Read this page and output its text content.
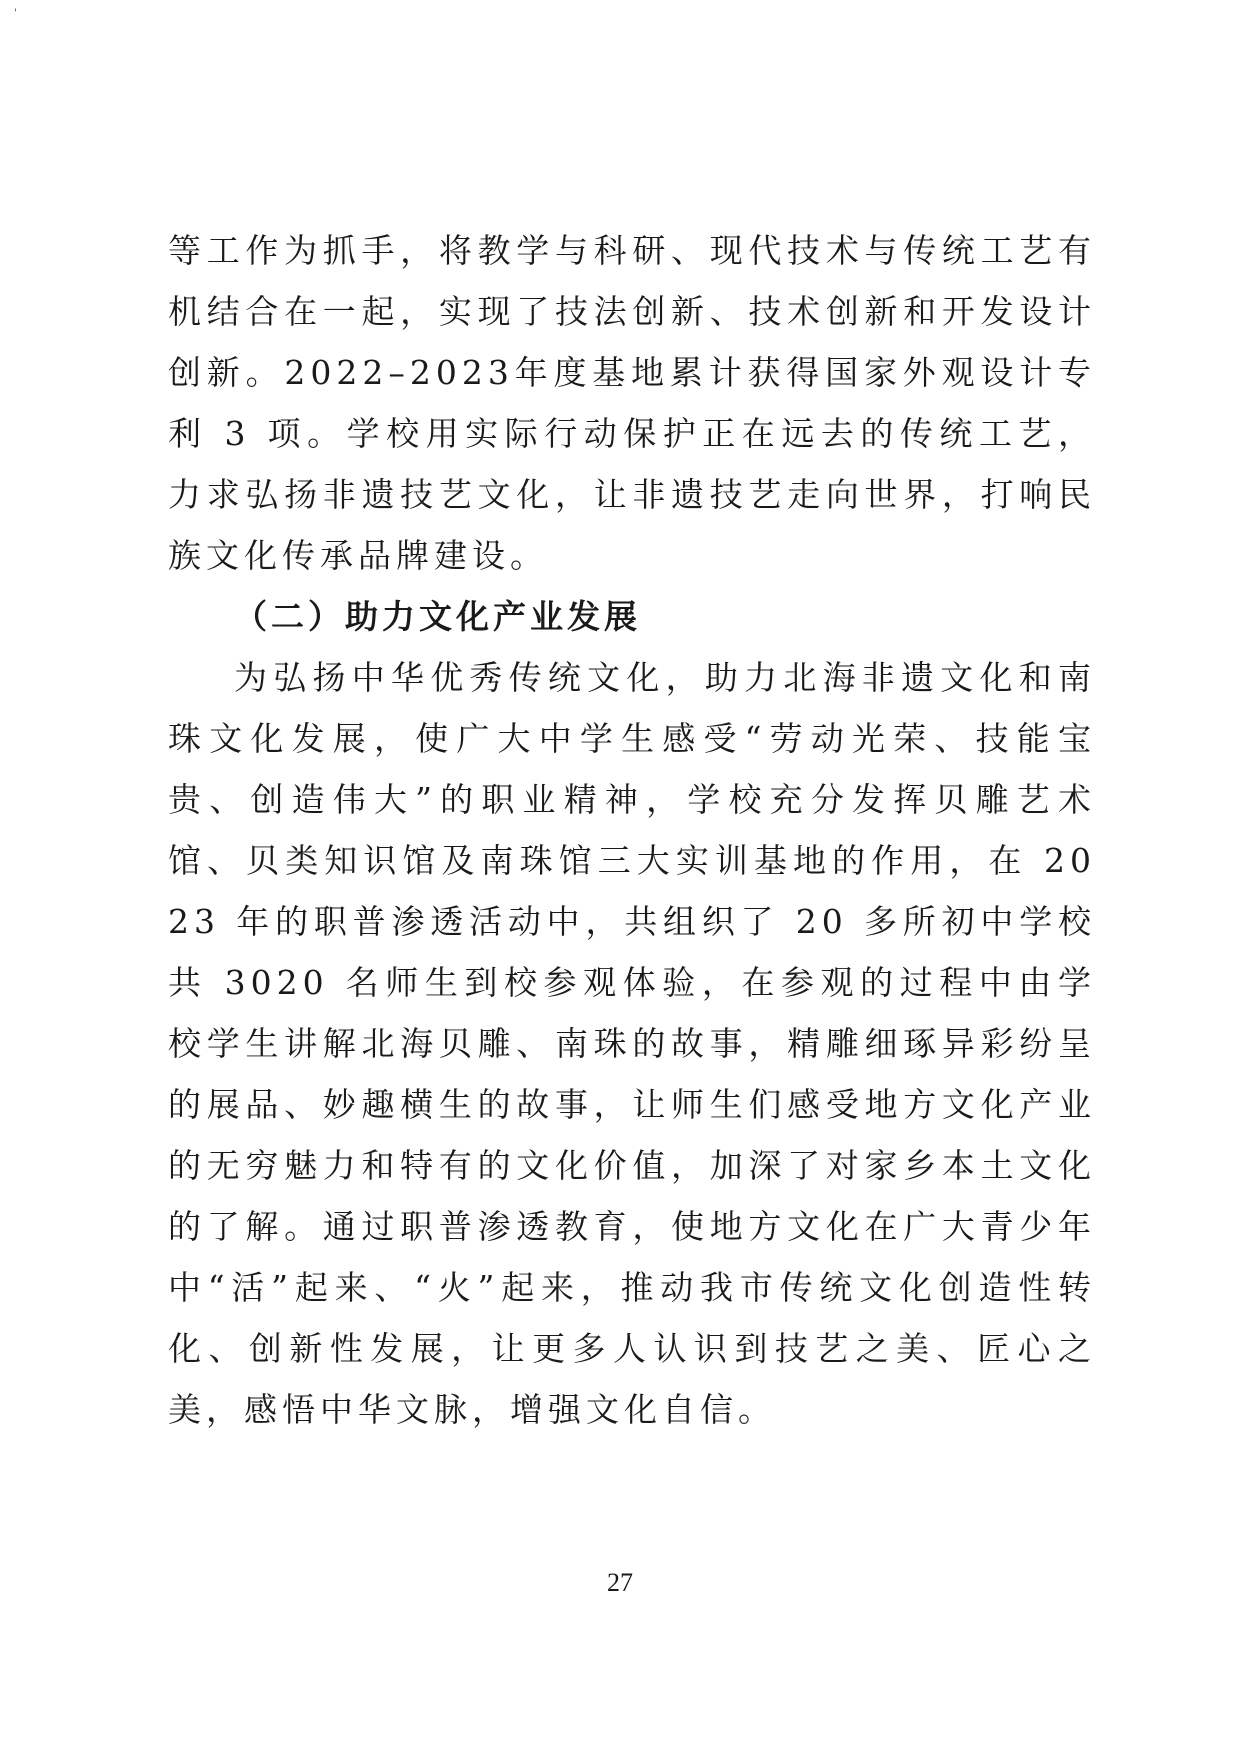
'

等工作为抓手，将教学与科研、现代技术与传统工艺有机结合在一起，实现了技法创新、技术创新和开发设计创新。2022–2023年度基地累计获得国家外观设计专利 3 项。学校用实际行动保护正在远去的传统工艺，力求弘扬非遗技艺文化，让非遗技艺走向世界，打响民族文化传承品牌建设。

（二）助力文化产业发展

为弘扬中华优秀传统文化，助力北海非遗文化和南珠文化发展，使广大中学生感受“劳动光荣、技能宝贵、创造伟大”的职业精神，学校充分发挥贝雕艺术馆、贝类知识馆及南珠馆三大实训基地的作用，在 2023 年的职普渗透活动中，共组织了 20 多所初中学校共 3020 名师生到校参观体验，在参观的过程中由学校学生讲解北海贝雕、南珠的故事，精雕细琢异彩纷呈的展品、妙趣横生的故事，让师生们感受地方文化产业的无穷魅力和特有的文化价值，加深了对家乡本土文化的了解。通过职普渗透教育，使地方文化在广大青少年中“活”起来、“火”起来，推动我市传统文化创造性转化、创新性发展，让更多人认识到技艺之美、匠心之美，感悟中华文脉，增强文化自信。

27
